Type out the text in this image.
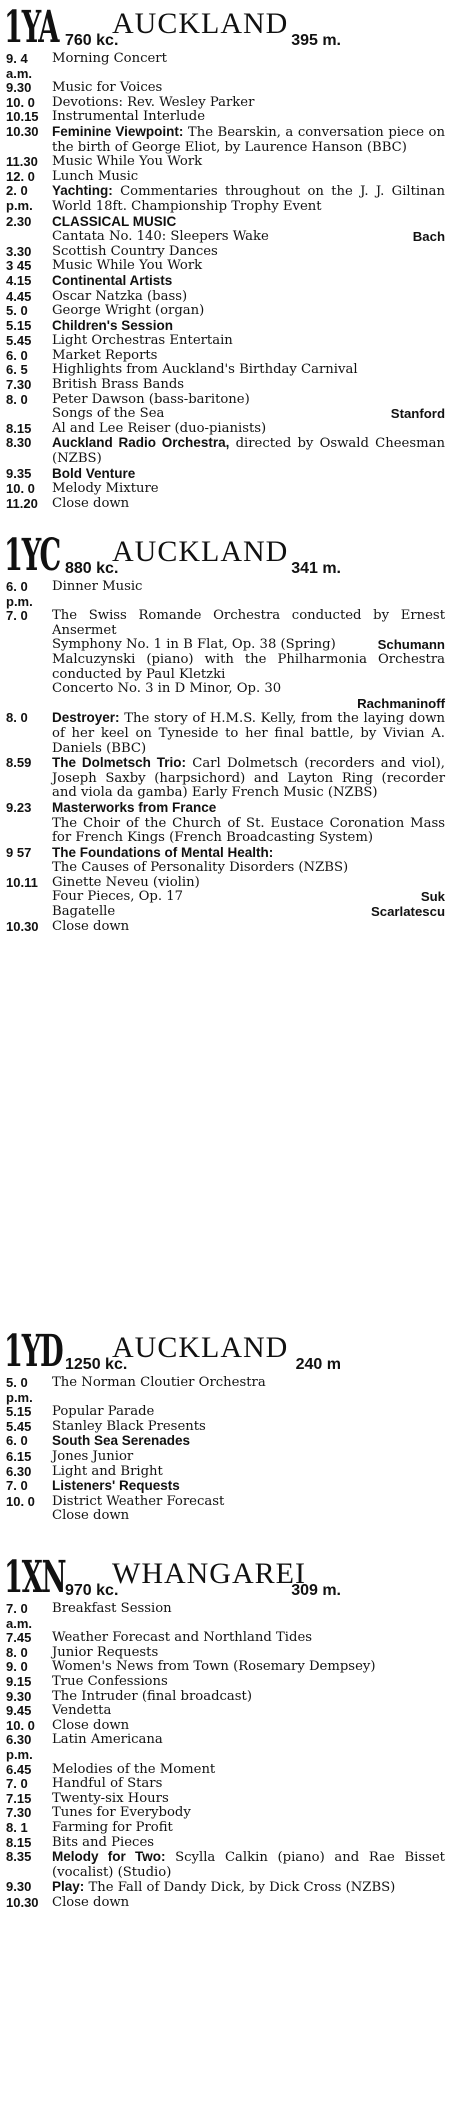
1YA AUCKLAND
760 kc.	395 m.
9. 4 a.m.
Morning Concert
9.30	Music for Voices
10. 0	Devotions: Rev. Wesley Parker
10.15	Instrumental Interlude
10.30 Feminine Viewpoint: The Bearskin, a conversation piece on the birth of George Eliot, by Laurence Hanson (BBC)
11.30	Music While You Work
12. 0	Lunch Music
2. 0 p.m.
Yachting: Commentaries throughout on the J. J. Giltinan World 18ft. Championship Trophy Event
2.30	CLASSICAL MUSIC
Cantata No. 140: Sleepers Wake	Bach
3.30	Scottish Country Dances
3 45	Music While You Work
4.15	Continental Artists
4.45	Oscar Natzka (bass)
5. 0	George Wright (organ)
5.15	Children's Session
5.45	Light Orchestras Entertain
6. 0	Market Reports
6. 5	Highlights from Auckland's Birthday Carnival
7.30	British Brass Bands
8. 0	Peter Dawson (bass-baritone)
Songs of the Sea	Stanford
8.15	Al and Lee Reiser (duo-pianists)
8.30	Auckland Radio Orchestra, directed by Oswald Cheesman (NZBS)
9.35	Bold Venture
10. 0	Melody Mixture
11.20	Close down
1YC AUCKLAND
880 kc.	341 m.
6. 0 p.m.
Dinner Music
7. 0	The Swiss Romande Orchestra conducted by Ernest Ansermet
Symphony No. 1 in B Flat, Op. 38 (Spring)	Schumann
Malcuzynski (piano) with the Philharmonia Orchestra conducted by Paul Kletzki
Concerto No. 3 in D Minor, Op. 30
Rachmaninoff
8. 0	Destroyer: The story of H.M.S. Kelly, from the laying down of her keel on Tyneside to her final battle, by Vivian A. Daniels (BBC)
8.59	The Dolmetsch Trio: Carl Dolmetsch (recorders and viol), Joseph Saxby (harpsichord) and Layton Ring (recorder and viola da gamba) Early French Music (NZBS)
9.23	Masterworks from France
The Choir of the Church of St. Eustace Coronation Mass for French Kings (French Broadcasting System)
9 57	The Foundations of Mental Health:
The Causes of Personality Disorders (NZBS)
10.11	Ginette Neveu (violin)
Four Pieces, Op. 17	Suk
Bagatelle	Scarlatescu
10.30	Close down
1YD AUCKLAND
1250 kc.	240 m
5. 0 p.m.
The Norman Cloutier Orchestra
5.15	Popular Parade
5.45	Stanley Black Presents
6. 0	South Sea Serenades
6.15	Jones Junior
6.30	Light and Bright
7. 0	Listeners' Requests
10. 0	District Weather Forecast
Close down
1XN WHANGAREI
970 kc.	309 m.
7. 0 a.m.
Breakfast Session
7.45	Weather Forecast and Northland Tides
8. 0	Junior Requests
9. 0	Women's News from Town (Rosemary Dempsey)
9.15	True Confessions
9.30	The Intruder (final broadcast)
9.45	Vendetta
10. 0	Close down
6.30 p.m.
Latin Americana
6.45	Melodies of the Moment
7. 0	Handful of Stars
7.15	Twenty-six Hours
7.30	Tunes for Everybody
8. 1	Farming for Profit
8.15	Bits and Pieces
8.35	Melody for Two: Scylla Calkin (piano) and Rae Bisset (vocalist) (Studio)
9.30	Play: The Fall of Dandy Dick, by Dick Cross (NZBS)
10.30	Close down
